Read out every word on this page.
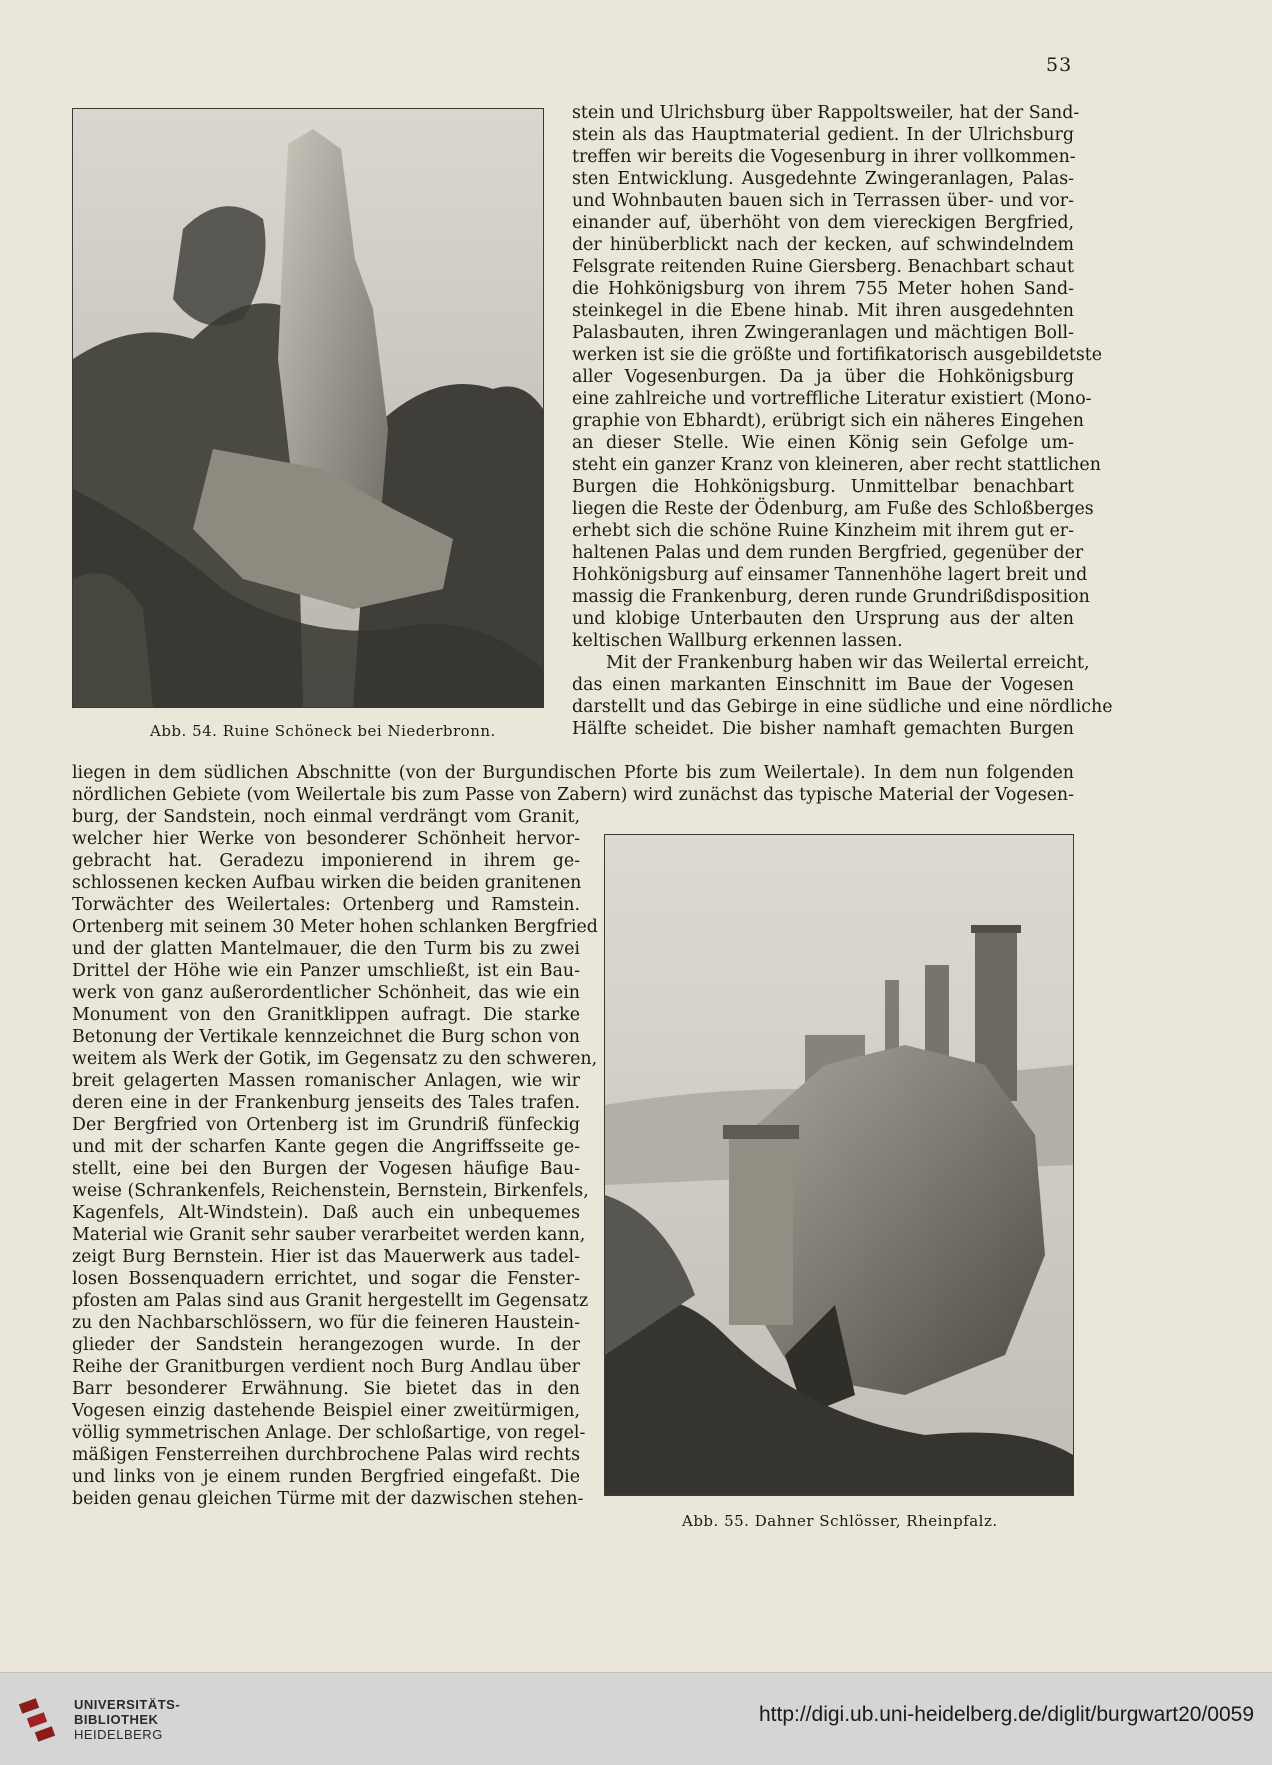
53
Abb. 54. Ruine Schöneck bei Niederbronn.

stein und Ulrichsburg über Rappoltsweiler, hat der Sand-
stein als das Hauptmaterial gedient. In der Ulrichsburg
treffen wir bereits die Vogesenburg in ihrer vollkommen-
sten Entwicklung. Ausgedehnte Zwingeranlagen, Palas-
und Wohnbauten bauen sich in Terrassen über- und vor-
einander auf, überhöht von dem viereckigen Bergfried,
der hinüberblickt nach der kecken, auf schwindelndem
Felsgrate reitenden Ruine Giersberg. Benachbart schaut
die Hohkönigsburg von ihrem 755 Meter hohen Sand-
steinkegel in die Ebene hinab. Mit ihren ausgedehnten
Palasbauten, ihren Zwingeranlagen und mächtigen Boll-
werken ist sie die größte und fortifikatorisch ausgebildetste
aller Vogesenburgen. Da ja über die Hohkönigsburg
eine zahlreiche und vortreffliche Literatur existiert (Mono-
graphie von Ebhardt), erübrigt sich ein näheres Eingehen
an dieser Stelle. Wie einen König sein Gefolge um-
steht ein ganzer Kranz von kleineren, aber recht stattlichen
Burgen die Hohkönigsburg. Unmittelbar benachbart
liegen die Reste der Ödenburg, am Fuße des Schloßberges
erhebt sich die schöne Ruine Kinzheim mit ihrem gut er-
haltenen Palas und dem runden Bergfried, gegenüber der
Hohkönigsburg auf einsamer Tannenhöhe lagert breit und
massig die Frankenburg, deren runde Grundrißdisposition
und klobige Unterbauten den Ursprung aus der alten
keltischen Wallburg erkennen lassen.

Mit der Frankenburg haben wir das Weilertal erreicht,
das einen markanten Einschnitt im Baue der Vogesen
darstellt und das Gebirge in eine südliche und eine nördliche
Hälfte scheidet. Die bisher namhaft gemachten Burgen

liegen in dem südlichen Abschnitte (von der Burgundischen Pforte bis zum Weilertale). In dem nun folgenden
nördlichen Gebiete (vom Weilertale bis zum Passe von Zabern) wird zunächst das typische Material der Vogesen-

burg, der Sandstein, noch einmal verdrängt vom Granit,
welcher hier Werke von besonderer Schönheit hervor-
gebracht hat. Geradezu imponierend in ihrem ge-
schlossenen kecken Aufbau wirken die beiden granitenen
Torwächter des Weilertales: Ortenberg und Ramstein.
Ortenberg mit seinem 30 Meter hohen schlanken Bergfried
und der glatten Mantelmauer, die den Turm bis zu zwei
Drittel der Höhe wie ein Panzer umschließt, ist ein Bau-
werk von ganz außerordentlicher Schönheit, das wie ein
Monument von den Granitklippen aufragt. Die starke
Betonung der Vertikale kennzeichnet die Burg schon von
weitem als Werk der Gotik, im Gegensatz zu den schweren,
breit gelagerten Massen romanischer Anlagen, wie wir
deren eine in der Frankenburg jenseits des Tales trafen.
Der Bergfried von Ortenberg ist im Grundriß fünfeckig
und mit der scharfen Kante gegen die Angriffsseite ge-
stellt, eine bei den Burgen der Vogesen häufige Bau-
weise (Schrankenfels, Reichenstein, Bernstein, Birkenfels,
Kagenfels, Alt-Windstein). Daß auch ein unbequemes
Material wie Granit sehr sauber verarbeitet werden kann,
zeigt Burg Bernstein. Hier ist das Mauerwerk aus tadel-
losen Bossenquadern errichtet, und sogar die Fenster-
pfosten am Palas sind aus Granit hergestellt im Gegensatz
zu den Nachbarschlössern, wo für die feineren Haustein-
glieder der Sandstein herangezogen wurde. In der
Reihe der Granitburgen verdient noch Burg Andlau über
Barr besonderer Erwähnung. Sie bietet das in den
Vogesen einzig dastehende Beispiel einer zweitürmigen,
völlig symmetrischen Anlage. Der schloßartige, von regel-
mäßigen Fensterreihen durchbrochene Palas wird rechts
und links von je einem runden Bergfried eingefaßt. Die
beiden genau gleichen Türme mit der dazwischen stehen-

Abb. 55. Dahner Schlösser, Rheinpfalz.
UNIVERSITÄTS-
BIBLIOTHEK
HEIDELBERG
http://digi.ub.uni-heidelberg.de/diglit/burgwart20/0059
